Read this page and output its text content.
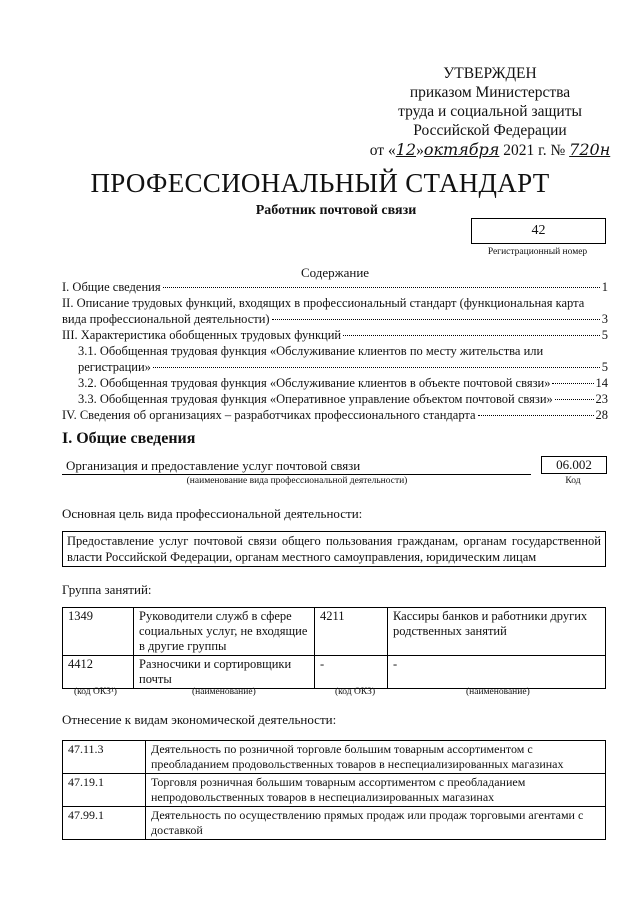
УТВЕРЖДЕН
приказом Министерства
труда и социальной защиты
Российской Федерации
от «12»октября 2021 г. № 720н
ПРОФЕССИОНАЛЬНЫЙ СТАНДАРТ
Работник почтовой связи
42
Регистрационный номер
Содержание
I. Общие сведения	1
II. Описание трудовых функций, входящих в профессиональный стандарт (функциональная карта
вида профессиональной деятельности)	3
III. Характеристика обобщенных трудовых функций	5
3.1. Обобщенная трудовая функция «Обслуживание клиентов по месту жительства или
регистрации»	5
3.2. Обобщенная трудовая функция «Обслуживание клиентов в объекте почтовой связи»	14
3.3. Обобщенная трудовая функция «Оперативное управление объектом почтовой связи»	23
IV. Сведения об организациях – разработчиках профессионального стандарта	28
I. Общие сведения
Организация и предоставление услуг почтовой связи
(наименование вида профессиональной деятельности)
06.002
Код
Основная цель вида профессиональной деятельности:
Предоставление услуг почтовой связи общего пользования гражданам, органам государственной власти Российской Федерации, органам местного самоуправления, юридическим лицам
Группа занятий:
1349	Руководители служб в сфере социальных услуг, не входящие в другие группы	4211	Кассиры банков и работники других родственных занятий
4412	Разносчики и сортировщики почты	-	-
(код ОКЗ¹)	(наименование)	(код ОКЗ)	(наименование)
Отнесение к видам экономической деятельности:
47.11.3	Деятельность по розничной торговле большим товарным ассортиментом с преобладанием продовольственных товаров в неспециализированных магазинах
47.19.1	Торговля розничная большим товарным ассортиментом с преобладанием непродовольственных товаров в неспециализированных магазинах
47.99.1	Деятельность по осуществлению прямых продаж или продаж торговыми агентами с доставкой
